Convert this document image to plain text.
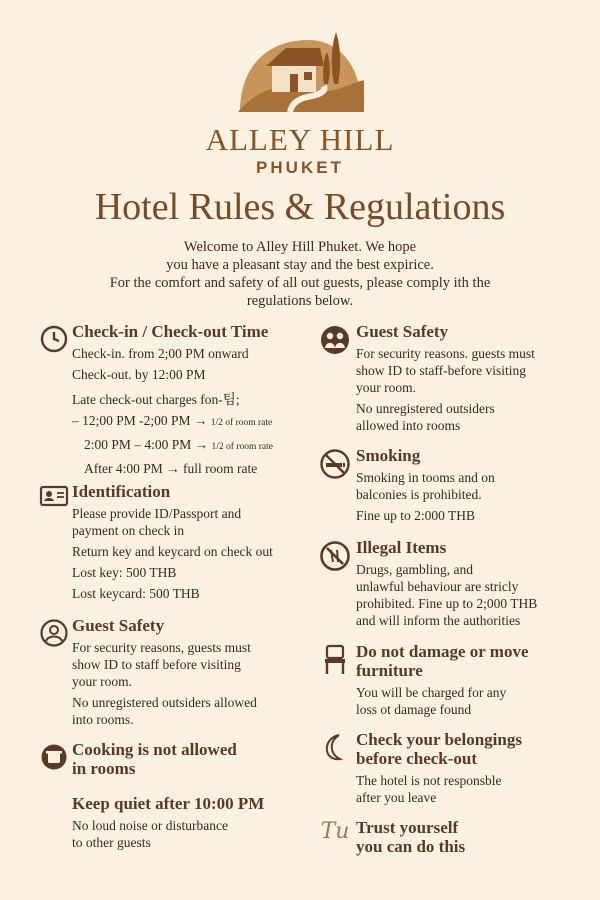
ALLEY HILL
PHUKET
Hotel Rules & Regulations
Welcome to Alley Hill Phuket. We hope
you have a pleasant stay and the best expirice.
For the comfort and safety of all out guests, please comply ith the
regulations below.
Check-in / Check-out Time
Check-in. from 2;00 PM onward
Check-out. by 12:00 PM
Late check-out charges fon-팀;
– 12;00 PM -2;00 PM → 1/2 of room rate
2:00 PM – 4:00 PM → 1/2 of room rate
After 4:00 PM → full room rate
Identification
Please provide ID/Passport and
payment on check in
Return key and keycard on check out
Lost key: 500 THB
Lost keycard: 500 THB
Guest Safety
For security reasons, guests must
show ID to staff before visiting
your room.
No unregistered outsiders allowed
into rooms.
Cooking is not allowed
in rooms
Keep quiet after 10:00 PM
No loud noise or disturbance
to other guests
Guest Safety
For security reasons. guests must
show ID to staff-before visiting
your room.
No unregistered outsiders
allowed into rooms
Smoking
Smoking in tooms and on
balconies is prohibited.
Fine up to 2:000 THB
Illegal Items
Drugs, gambling, and
unlawful behaviour are stricly
prohibited. Fine up to 2;000 THB
and will inform the authorities
Do not damage or move
furniture
You will be charged for any
loss ot damage found
Check your belongings
before check-out
The hotel is not responsble
after you leave
Tu Trust yourself
you can do this
